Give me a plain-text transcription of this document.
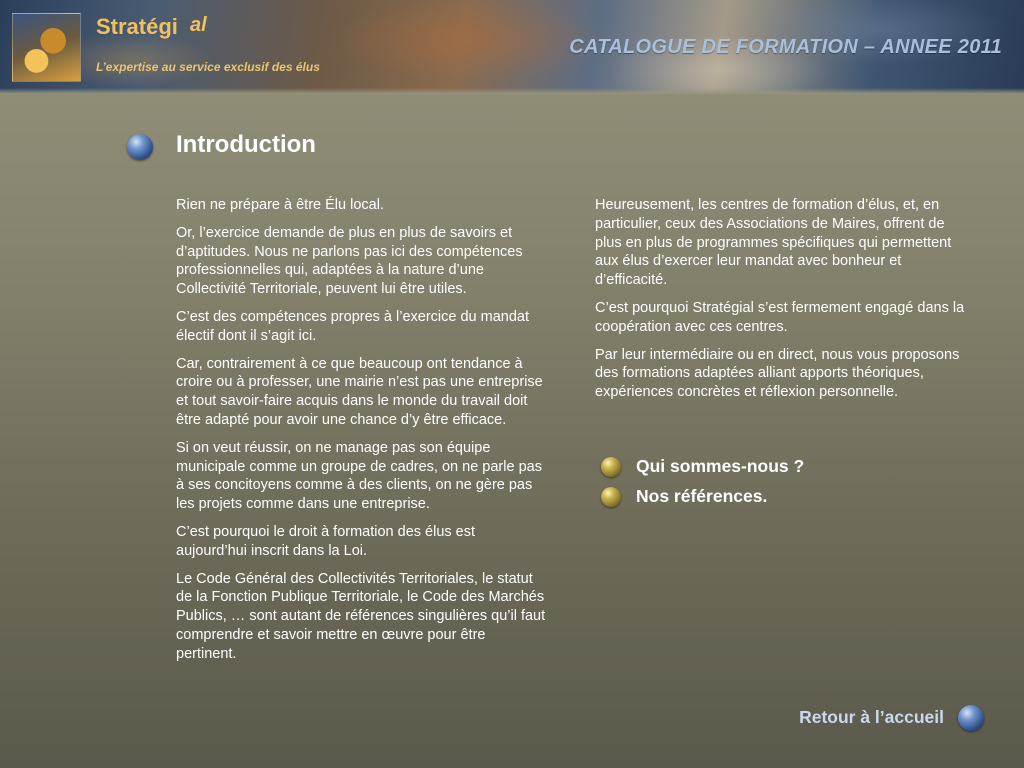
Stratégi al

L’expertise au service exclusif des élus

CATALOGUE DE FORMATION – ANNEE 2011
Introduction

Rien ne prépare à être Élu local.

Or, l’exercice demande de plus en plus de savoirs et d’aptitudes. Nous ne parlons pas ici des compétences professionnelles qui, adaptées à la nature d’une Collectivité Territoriale, peuvent lui être utiles.

C’est des compétences propres à l’exercice du mandat électif dont il s’agit ici.

Car, contrairement à ce que beaucoup ont tendance à croire ou à professer, une mairie n’est pas une entreprise et tout savoir-faire acquis dans le monde du travail doit être adapté pour avoir une chance d’y être efficace.

Si on veut réussir, on ne manage pas son équipe municipale comme un groupe de cadres, on ne parle pas à ses concitoyens comme à des clients, on ne gère pas les projets comme dans une entreprise.

C’est pourquoi le droit à formation des élus est aujourd’hui inscrit dans la Loi.

Le Code Général des Collectivités Territoriales, le statut de la Fonction Publique Territoriale, le Code des Marchés Publics, … sont autant de références singulières qu’il faut comprendre et savoir mettre en œuvre pour être pertinent.

Heureusement, les centres de formation d’élus, et, en particulier, ceux des Associations de Maires, offrent de plus en plus de programmes spécifiques qui permettent aux élus d’exercer leur mandat avec bonheur et d’efficacité.

C’est pourquoi Stratégial s’est fermement engagé dans la coopération avec ces centres.

Par leur intermédiaire ou en direct, nous vous proposons des formations adaptées alliant apports théoriques, expériences concrètes et réflexion personnelle.

Qui sommes-nous ?
Nos références.
Retour à l’accueil
